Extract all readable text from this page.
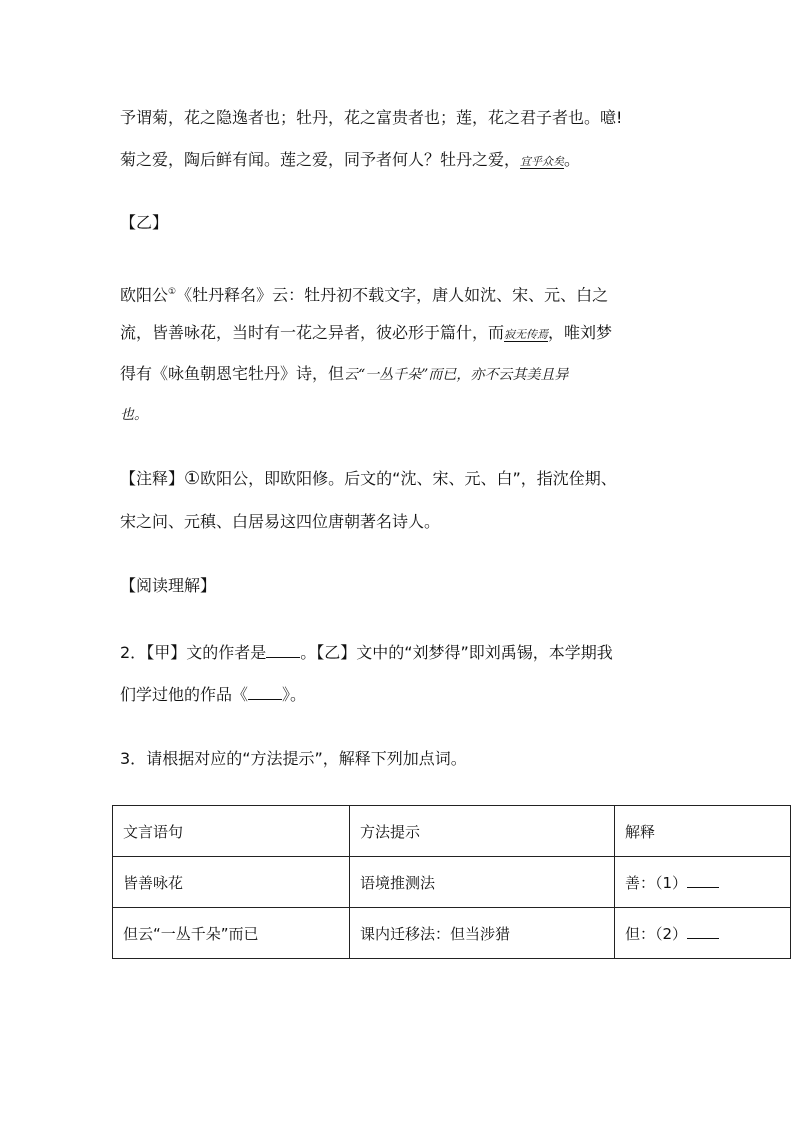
予谓菊，花之隐逸者也；牡丹，花之富贵者也；莲，花之君子者也。噫!
菊之爱，陶后鲜有闻。莲之爱，同予者何人？牡丹之爱，宜乎众矣。
【乙】
欧阳公①《牡丹释名》云：牡丹初不载文字，唐人如沈、宋、元、白之
流，皆善咏花，当时有一花之异者，彼必形于篇什，而寂无传焉，唯刘梦
得有《咏鱼朝恩宅牡丹》诗，但云“一丛千朵”而已，亦不云其美且异
也。
【注释】①欧阳公，即欧阳修。后文的“沈、宋、元、白”，指沈佺期、
宋之问、元稹、白居易这四位唐朝著名诗人。
【阅读理解】
2．【甲】文的作者是 。【乙】文中的“刘梦得”即刘禹锡，本学期我
们学过他的作品《 》。
3．请根据对应的“方法提示”，解释下列加点词。
文言语句	方法提示	解释
皆善咏花	语境推测法	善：（1）
但云“一丛千朵”而已	课内迁移法：但当涉猎	但：（2）
